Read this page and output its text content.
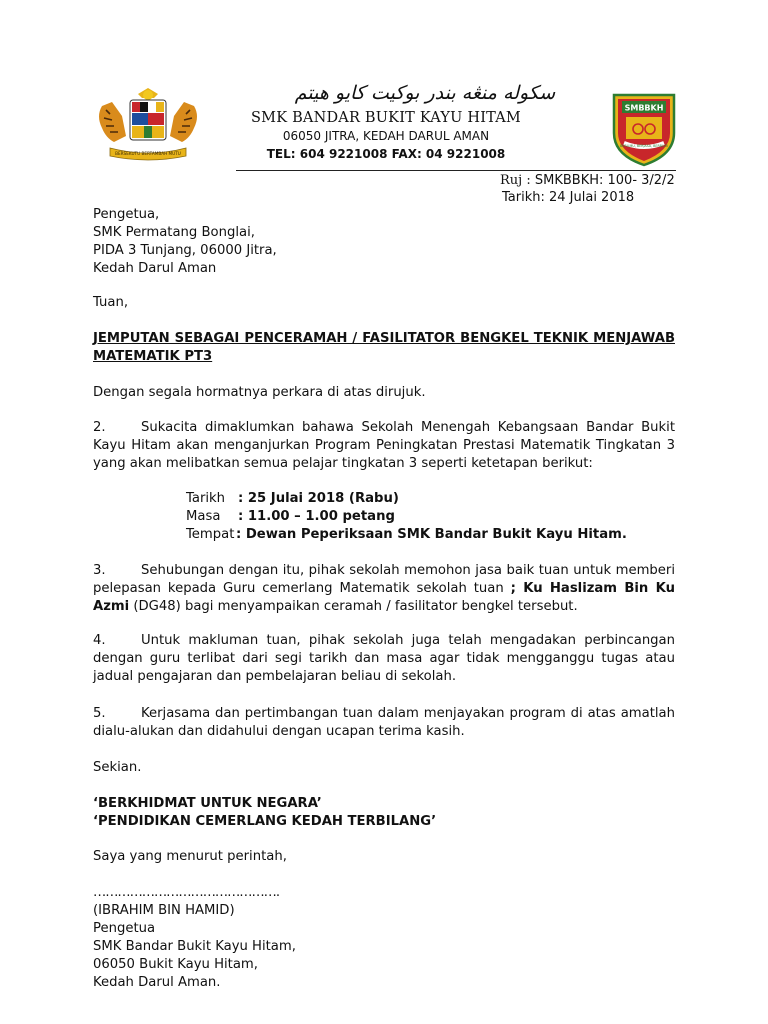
BERSEKUTU BERTAMBAH MUTU
سکوله منڠه بندر بوکيت کايو هيتم
SMK BANDAR BUKIT KAYU HITAM
06050 JITRA, KEDAH DARUL AMAN
TEL: 604 9221008 FAX: 04 9221008
SMBBKH
BERILMU, BERJASA, BERBUDI
Ruj : SMKBBKH: 100- 3/2/2
Tarikh: 24 Julai 2018
Pengetua,
SMK Permatang Bonglai,
PIDA 3 Tunjang, 06000 Jitra,
Kedah Darul Aman
Tuan,
JEMPUTAN SEBAGAI PENCERAMAH / FASILITATOR BENGKEL TEKNIK MENJAWAB MATEMATIK PT3
Dengan segala hormatnya perkara di atas dirujuk.
2.	Sukacita dimaklumkan bahawa Sekolah Menengah Kebangsaan Bandar Bukit Kayu Hitam akan menganjurkan Program Peningkatan Prestasi Matematik Tingkatan 3 yang akan melibatkan semua pelajar tingkatan 3 seperti ketetapan berikut:
Tarikh : 25 Julai 2018 (Rabu)
Masa : 11.00 – 1.00 petang
Tempat : Dewan Peperiksaan SMK Bandar Bukit Kayu Hitam.
3.	Sehubungan dengan itu, pihak sekolah memohon jasa baik tuan untuk memberi pelepasan kepada Guru cemerlang Matematik sekolah tuan ; Ku Haslizam Bin Ku Azmi (DG48) bagi menyampaikan ceramah / fasilitator bengkel tersebut.
4.	Untuk makluman tuan, pihak sekolah juga telah mengadakan perbincangan dengan guru terlibat dari segi tarikh dan masa agar tidak mengganggu tugas atau jadual pengajaran dan pembelajaran beliau di sekolah.
5.	Kerjasama dan pertimbangan tuan dalam menjayakan program di atas amatlah dialu-alukan dan didahului dengan ucapan terima kasih.
Sekian.
‘BERKHIDMAT UNTUK NEGARA’
‘PENDIDIKAN CEMERLANG KEDAH TERBILANG’
Saya yang menurut perintah,
……………………………………….
(IBRAHIM BIN HAMID)
Pengetua
SMK Bandar Bukit Kayu Hitam,
06050 Bukit Kayu Hitam,
Kedah Darul Aman.
